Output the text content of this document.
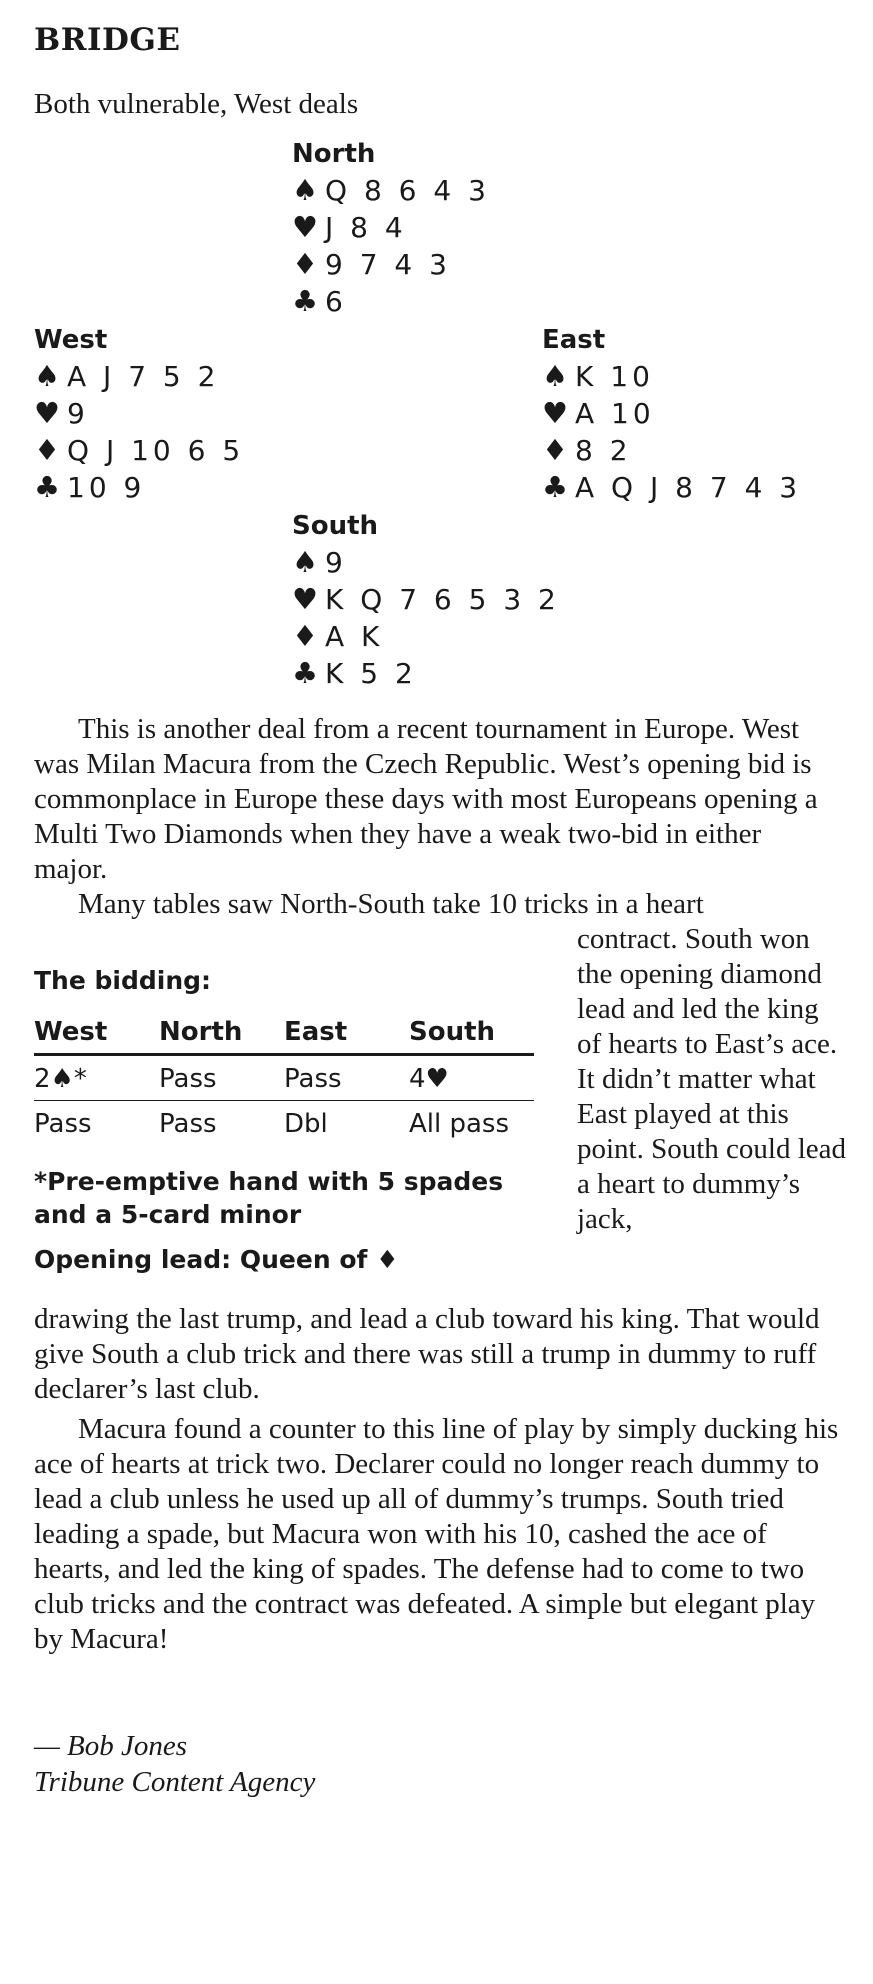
BRIDGE
Both vulnerable, West deals
North
♠ Q 8 6 4 3
♥ J 8 4
♦ 9 7 4 3
♣ 6
West
♠ A J 7 5 2
♥ 9
♦ Q J 10 6 5
♣ 10 9
East
♠ K 10
♥ A 10
♦ 8 2
♣ A Q J 8 7 4 3
South
♠ 9
♥ K Q 7 6 5 3 2
♦ A K
♣ K 5 2

This is another deal from a recent tournament in Europe. West was Milan Macura from the Czech Republic. West’s opening bid is commonplace in Europe these days with most Europeans opening a Multi Two Diamonds when they have a weak two-bid in either major.

Many tables saw North-South take 10 tricks in a heart

contract. South won the opening diamond lead and led the king of hearts to East’s ace. It didn’t matter what East played at this point. South could lead a heart to dummy’s jack,

drawing the last trump, and lead a club toward his king. That would give South a club trick and there was still a trump in dummy to ruff declarer’s last club.

Macura found a counter to this line of play by simply ducking his ace of hearts at trick two. Declarer could no longer reach dummy to lead a club unless he used up all of dummy’s trumps. South tried leading a spade, but Macura won with his 10, cashed the ace of hearts, and led the king of spades. The defense had to come to two club tricks and the contract was defeated. A simple but elegant play by Macura!

The bidding:
West	North	East	South
2♠*	Pass	Pass	4♥
Pass	Pass	Dbl	All pass
*Pre-emptive hand with 5 spades and a 5-card minor
Opening lead: Queen of ♦
— Bob Jones
Tribune Content Agency
